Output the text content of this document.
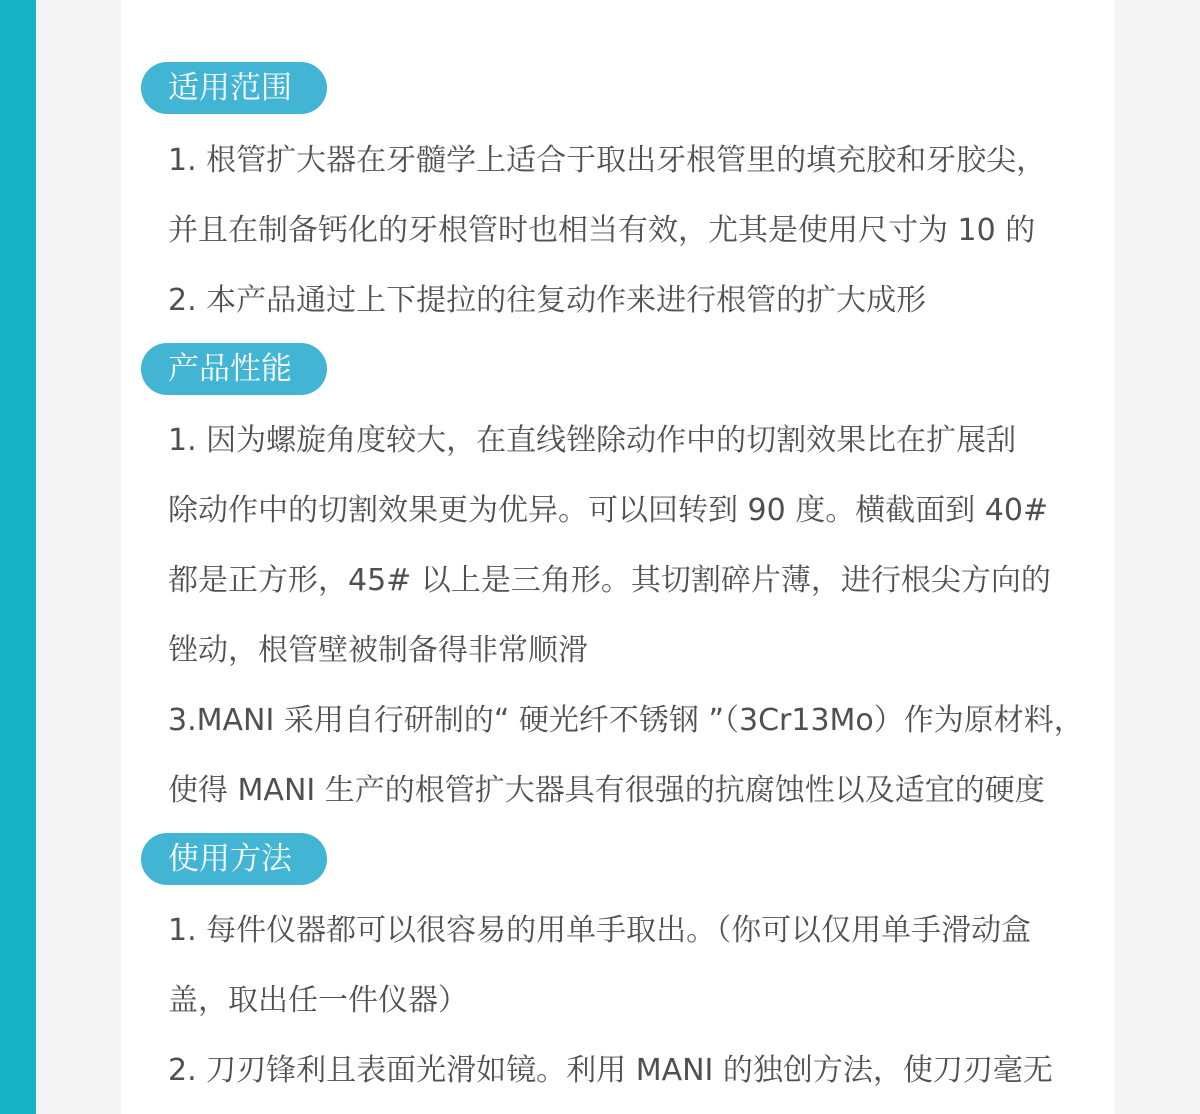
适用范围
1. 根管扩大器在牙髓学上适合于取出牙根管里的填充胶和牙胶尖，
并且在制备钙化的牙根管时也相当有效，尤其是使用尺寸为 10 的
2. 本产品通过上下提拉的往复动作来进行根管的扩大成形
产品性能
1. 因为螺旋角度较大，在直线锉除动作中的切割效果比在扩展刮
除动作中的切割效果更为优异。可以回转到 90 度。横截面到 40#
都是正方形，45# 以上是三角形。其切割碎片薄，进行根尖方向的
锉动，根管壁被制备得非常顺滑
3.MANI 采用自行研制的“ 硬光纤不锈钢 ”（3Cr13Mo）作为原材料，
使得 MANI 生产的根管扩大器具有很强的抗腐蚀性以及适宜的硬度
使用方法
1. 每件仪器都可以很容易的用单手取出。（你可以仅用单手滑动盒
盖，取出任一件仪器）
2. 刀刃锋利且表面光滑如镜。利用 MANI 的独创方法，使刀刃毫无
